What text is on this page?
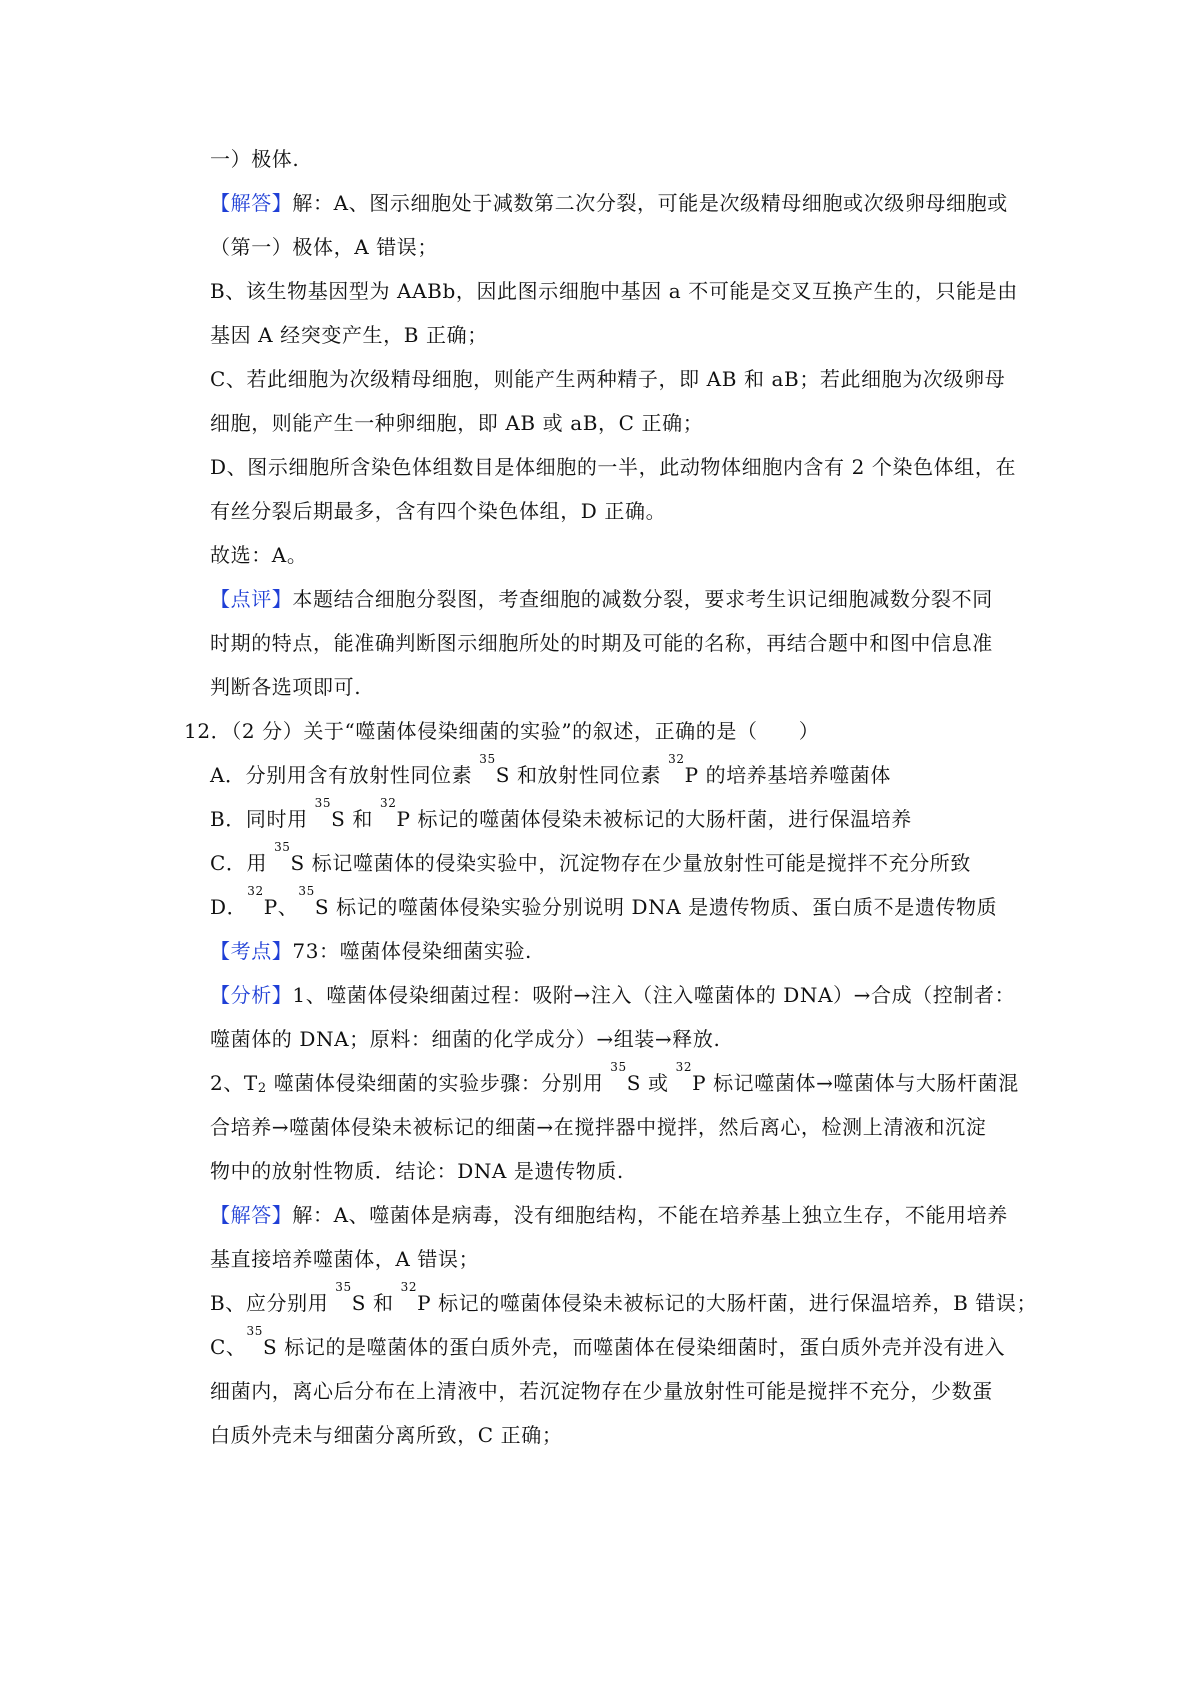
一）极体.
【解答】解：A、图示细胞处于减数第二次分裂，可能是次级精母细胞或次级卵母细胞或
（第一）极体，A 错误；
B、该生物基因型为 AABb，因此图示细胞中基因 a 不可能是交叉互换产生的，只能是由
基因 A 经突变产生，B 正确；
C、若此细胞为次级精母细胞，则能产生两种精子，即 AB 和 aB；若此细胞为次级卵母
细胞，则能产生一种卵细胞，即 AB 或 aB，C 正确；
D、图示细胞所含染色体组数目是体细胞的一半，此动物体细胞内含有 2 个染色体组，在
有丝分裂后期最多，含有四个染色体组，D 正确。
故选：A。
【点评】本题结合细胞分裂图，考查细胞的减数分裂，要求考生识记细胞减数分裂不同
时期的特点，能准确判断图示细胞所处的时期及可能的名称，再结合题中和图中信息准
判断各选项即可.
12．（2 分）关于“噬菌体侵染细菌的实验”的叙述，正确的是（　　）
A．分别用含有放射性同位素 $^{35}$S 和放射性同位素 $^{32}$P 的培养基培养噬菌体
B．同时用 $^{35}$S 和 $^{32}$P 标记的噬菌体侵染未被标记的大肠杆菌，进行保温培养
C．用 $^{35}$S 标记噬菌体的侵染实验中，沉淀物存在少量放射性可能是搅拌不充分所致
D．$^{32}$P、$^{35}$S 标记的噬菌体侵染实验分别说明 DNA 是遗传物质、蛋白质不是遗传物质
【考点】73：噬菌体侵染细菌实验.
【分析】1、噬菌体侵染细菌过程：吸附→注入（注入噬菌体的 DNA）→合成（控制者：
噬菌体的 DNA；原料：细菌的化学成分）→组装→释放.
2、$T_2$ 噬菌体侵染细菌的实验步骤：分别用 $^{35}$S 或 $^{32}$P 标记噬菌体→噬菌体与大肠杆菌混
合培养→噬菌体侵染未被标记的细菌→在搅拌器中搅拌，然后离心，检测上清液和沉淀
物中的放射性物质．结论：DNA 是遗传物质.
【解答】解：A、噬菌体是病毒，没有细胞结构，不能在培养基上独立生存，不能用培养
基直接培养噬菌体，A 错误；
B、应分别用 $^{35}$S 和 $^{32}$P 标记的噬菌体侵染未被标记的大肠杆菌，进行保温培养，B 错误；
C、$^{35}$S 标记的是噬菌体的蛋白质外壳，而噬菌体在侵染细菌时，蛋白质外壳并没有进入
细菌内，离心后分布在上清液中，若沉淀物存在少量放射性可能是搅拌不充分，少数蛋
白质外壳未与细菌分离所致，C 正确；
